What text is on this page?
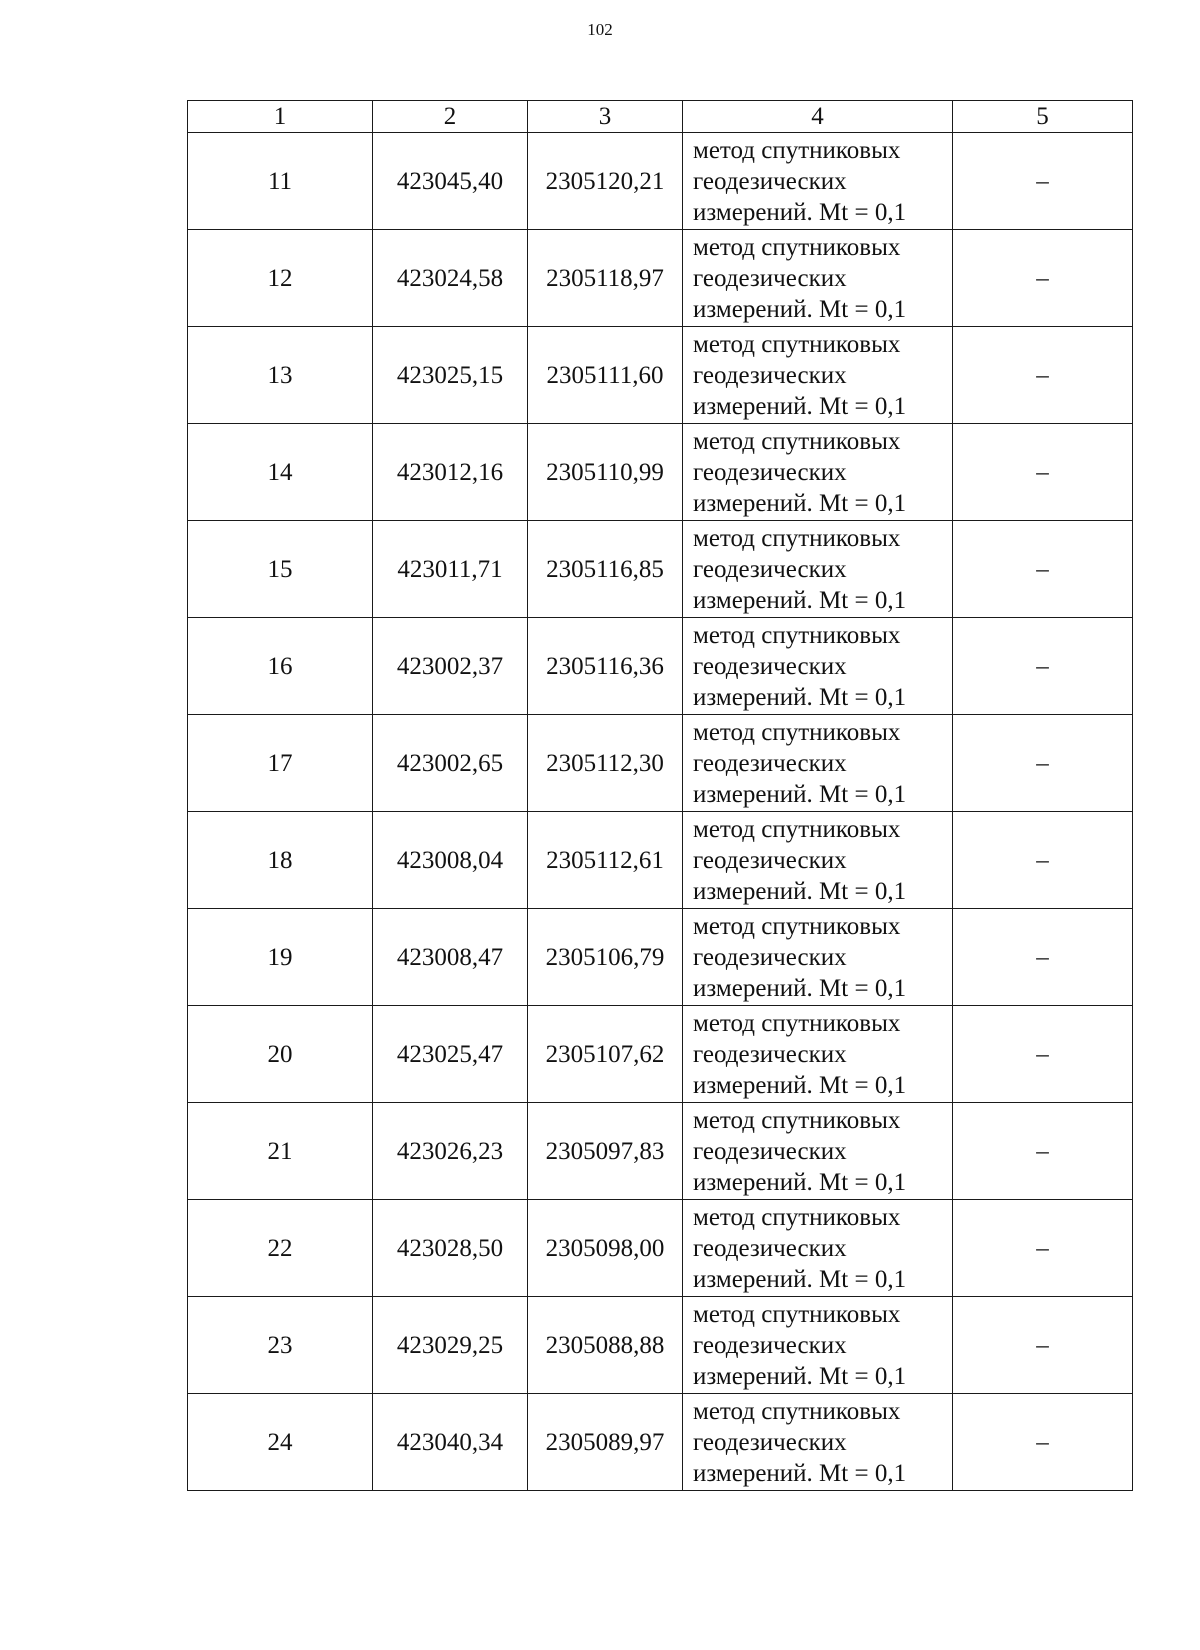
102
1	2	3	4	5
11	423045,40	2305120,21	метод спутниковых
геодезических
измерений. Mt = 0,1	–
12	423024,58	2305118,97	метод спутниковых
геодезических
измерений. Mt = 0,1	–
13	423025,15	2305111,60	метод спутниковых
геодезических
измерений. Mt = 0,1	–
14	423012,16	2305110,99	метод спутниковых
геодезических
измерений. Mt = 0,1	–
15	423011,71	2305116,85	метод спутниковых
геодезических
измерений. Mt = 0,1	–
16	423002,37	2305116,36	метод спутниковых
геодезических
измерений. Mt = 0,1	–
17	423002,65	2305112,30	метод спутниковых
геодезических
измерений. Mt = 0,1	–
18	423008,04	2305112,61	метод спутниковых
геодезических
измерений. Mt = 0,1	–
19	423008,47	2305106,79	метод спутниковых
геодезических
измерений. Mt = 0,1	–
20	423025,47	2305107,62	метод спутниковых
геодезических
измерений. Mt = 0,1	–
21	423026,23	2305097,83	метод спутниковых
геодезических
измерений. Mt = 0,1	–
22	423028,50	2305098,00	метод спутниковых
геодезических
измерений. Mt = 0,1	–
23	423029,25	2305088,88	метод спутниковых
геодезических
измерений. Mt = 0,1	–
24	423040,34	2305089,97	метод спутниковых
геодезических
измерений. Mt = 0,1	–
